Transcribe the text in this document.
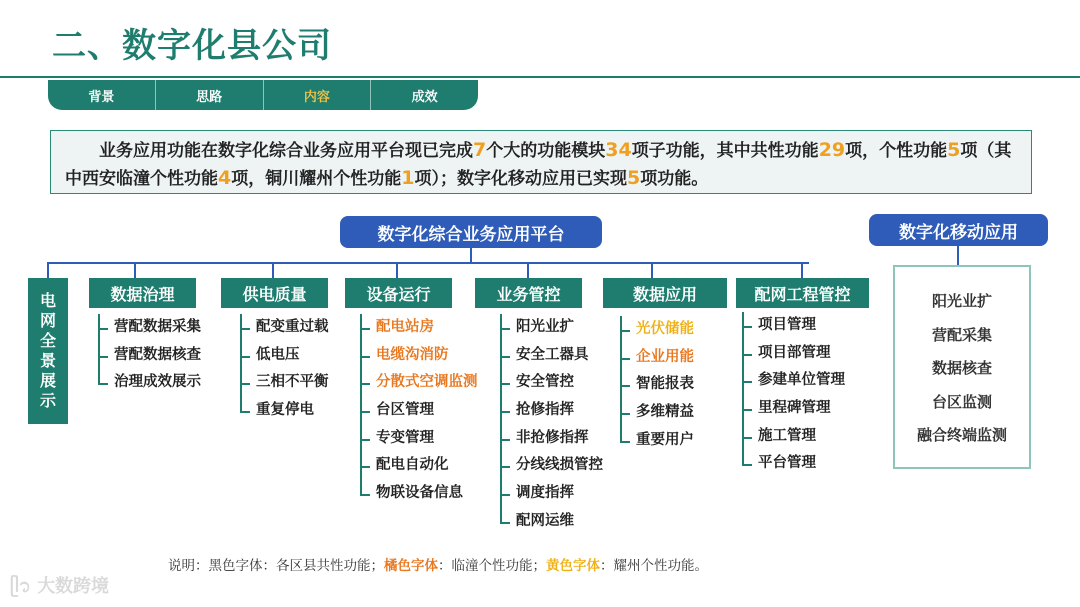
二、数字化县公司
背景	思路	内容	成效
业务应用功能在数字化综合业务应用平台现已完成7个大的功能模块34项子功能，其中共性功能29项，个性功能5项（其中西安临潼个性功能4项，铜川耀州个性功能1项）；数字化移动应用已实现5项功能。
数字化综合业务应用平台	数字化移动应用
电
网
全
景
展
示
数据治理	供电质量	设备运行	业务管控	数据应用	配网工程管控
营配数据采集
营配数据核查
治理成效展示
配变重过载
低电压
三相不平衡
重复停电
配电站房
电缆沟消防
分散式空调监测
台区管理
专变管理
配电自动化
物联设备信息
阳光业扩
安全工器具
安全管控
抢修指挥
非抢修指挥
分线线损管控
调度指挥
配网运维
光伏储能
企业用能
智能报表
多维精益
重要用户
项目管理
项目部管理
参建单位管理
里程碑管理
施工管理
平台管理
阳光业扩
营配采集
数据核查
台区监测
融合终端监测
说明：黑色字体：各区县共性功能；橘色字体：临潼个性功能；黄色字体：耀州个性功能。
ᥫ᭡ 大数跨境
